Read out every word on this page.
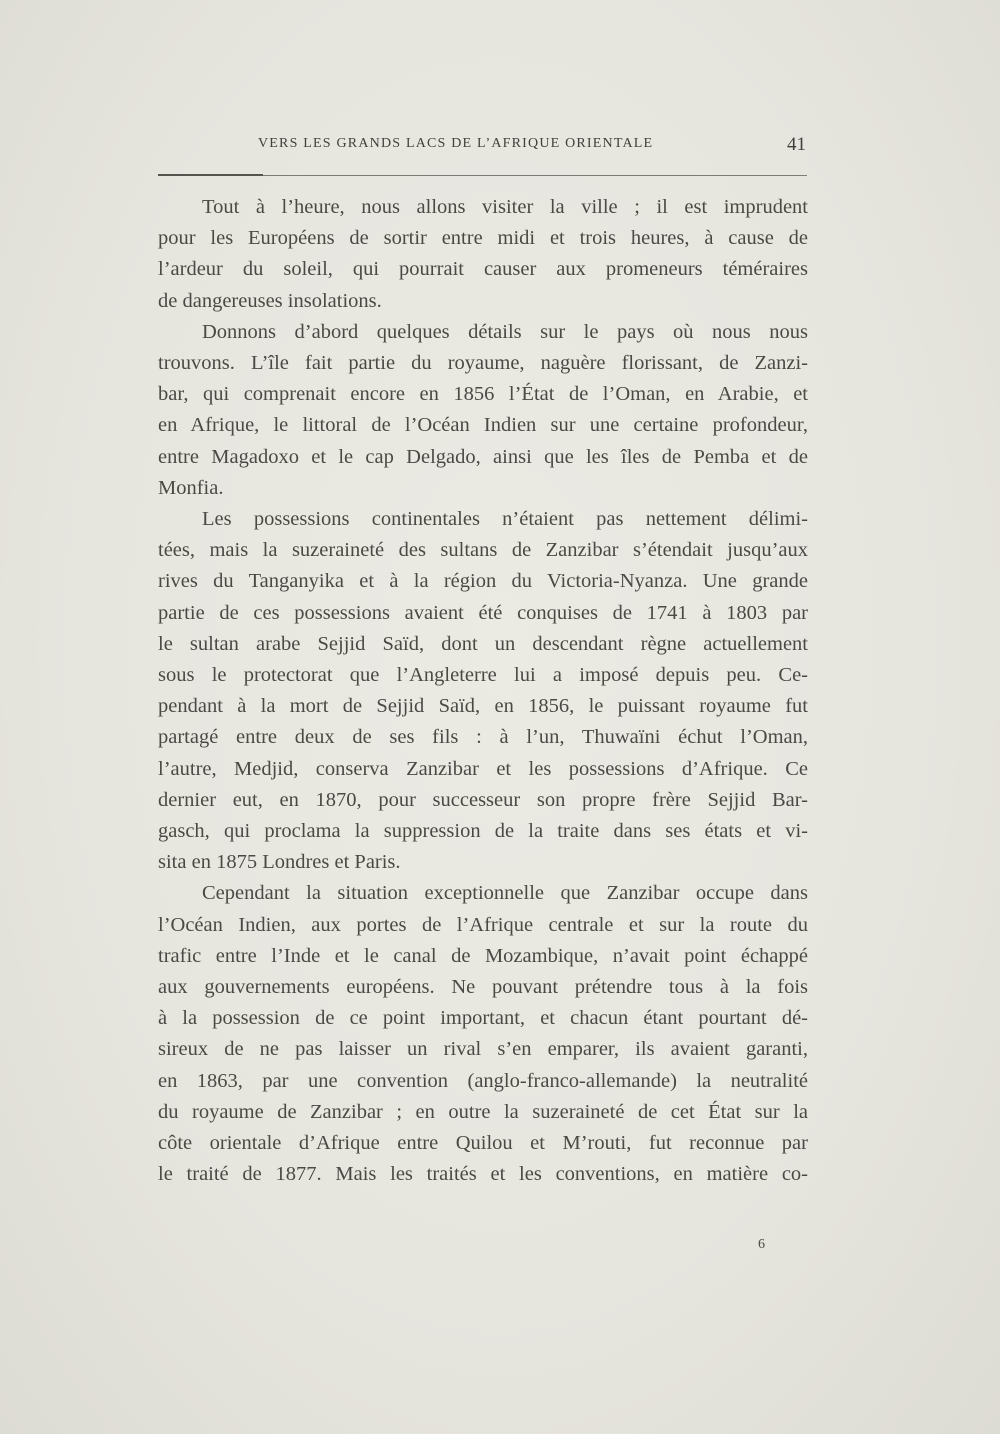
VERS LES GRANDS LACS DE L’AFRIQUE ORIENTALE	41

Tout à l’heure, nous allons visiter la ville ; il est imprudent
pour les Européens de sortir entre midi et trois heures, à cause de
l’ardeur du soleil, qui pourrait causer aux promeneurs téméraires
de dangereuses insolations.

Donnons d’abord quelques détails sur le pays où nous nous
trouvons. L’île fait partie du royaume, naguère florissant, de Zanzi-
bar, qui comprenait encore en 1856 l’État de l’Oman, en Arabie, et
en Afrique, le littoral de l’Océan Indien sur une certaine profondeur,
entre Magadoxo et le cap Delgado, ainsi que les îles de Pemba et de
Monfia.

Les possessions continentales n’étaient pas nettement délimi-
tées, mais la suzeraineté des sultans de Zanzibar s’étendait jusqu’aux
rives du Tanganyika et à la région du Victoria-Nyanza. Une grande
partie de ces possessions avaient été conquises de 1741 à 1803 par
le sultan arabe Sejjid Saïd, dont un descendant règne actuellement
sous le protectorat que l’Angleterre lui a imposé depuis peu. Ce-
pendant à la mort de Sejjid Saïd, en 1856, le puissant royaume fut
partagé entre deux de ses fils : à l’un, Thuwaïni échut l’Oman,
l’autre, Medjid, conserva Zanzibar et les possessions d’Afrique. Ce
dernier eut, en 1870, pour successeur son propre frère Sejjid Bar-
gasch, qui proclama la suppression de la traite dans ses états et vi-
sita en 1875 Londres et Paris.

Cependant la situation exceptionnelle que Zanzibar occupe dans
l’Océan Indien, aux portes de l’Afrique centrale et sur la route du
trafic entre l’Inde et le canal de Mozambique, n’avait point échappé
aux gouvernements européens. Ne pouvant prétendre tous à la fois
à la possession de ce point important, et chacun étant pourtant dé-
sireux de ne pas laisser un rival s’en emparer, ils avaient garanti,
en 1863, par une convention (anglo-franco-allemande) la neutralité
du royaume de Zanzibar ; en outre la suzeraineté de cet État sur la
côte orientale d’Afrique entre Quilou et M’routi, fut reconnue par
le traité de 1877. Mais les traités et les conventions, en matière co-

6
